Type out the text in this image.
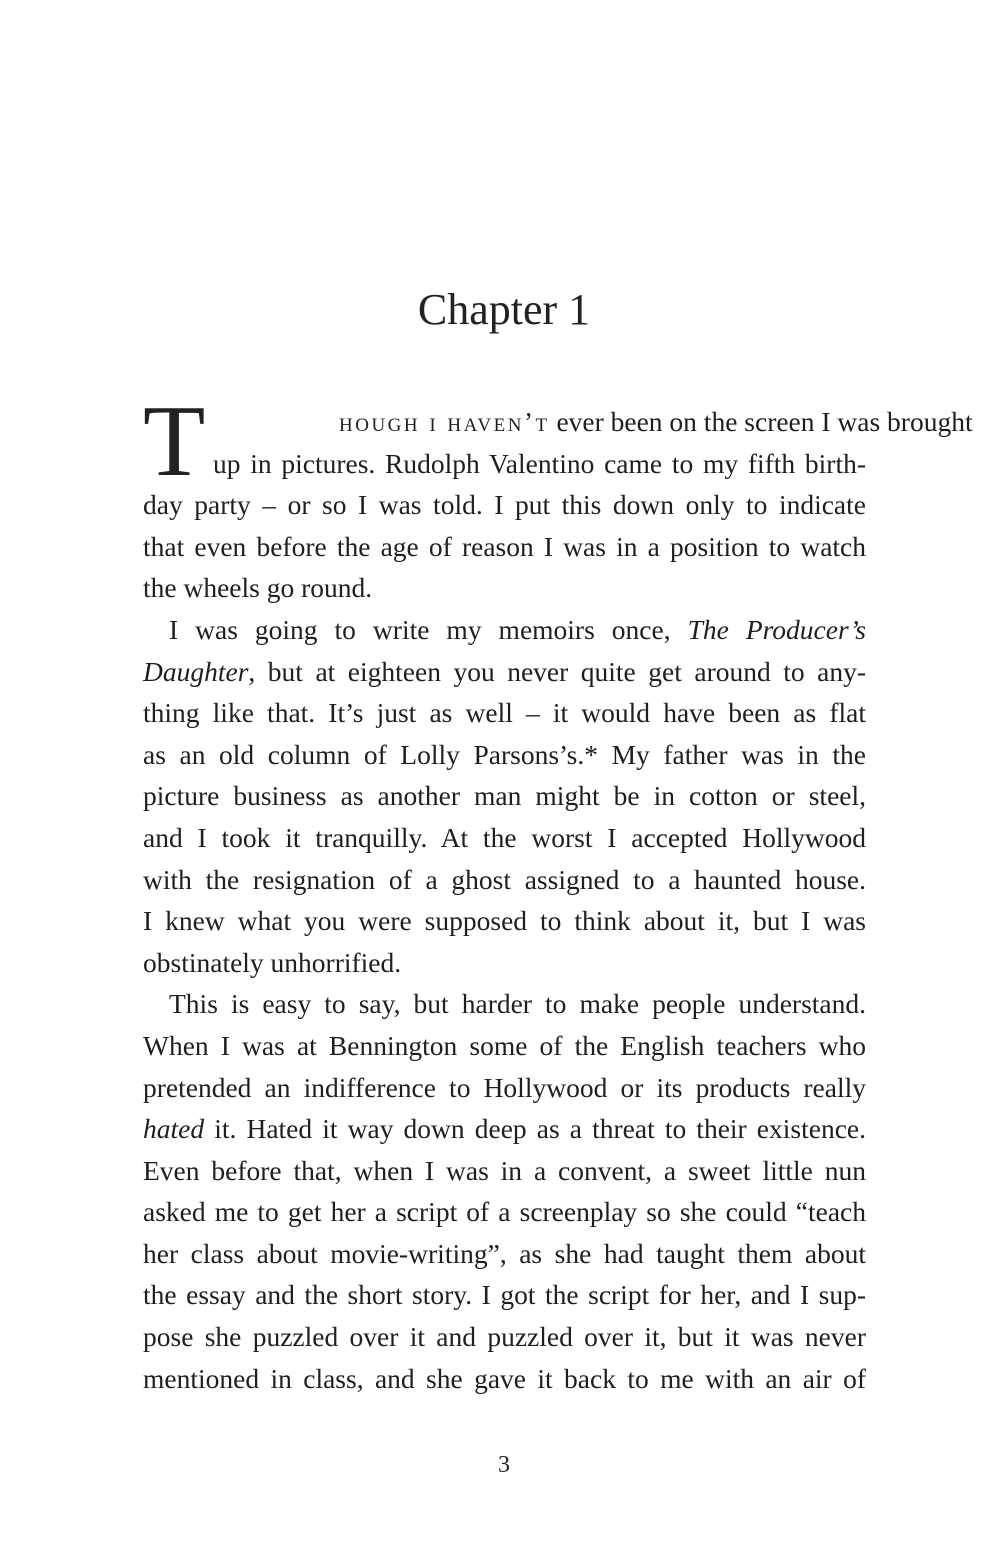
Chapter 1
T	hough i haven’t ever been on the screen I was brought
up in pictures. Rudolph Valentino came to my fifth birth-
day party – or so I was told. I put this down only to indicate
that even before the age of reason I was in a position to watch
the wheels go round.
I was going to write my memoirs once, The Producer’s
Daughter, but at eighteen you never quite get around to any-
thing like that. It’s just as well – it would have been as flat
as an old column of Lolly Parsons’s.* My father was in the
picture business as another man might be in cotton or steel,
and I took it tranquilly. At the worst I accepted Hollywood
with the resignation of a ghost assigned to a haunted house.
I knew what you were supposed to think about it, but I was
obstinately unhorrified.
This is easy to say, but harder to make people understand.
When I was at Bennington some of the English teachers who
pretended an indifference to Hollywood or its products really
hated it. Hated it way down deep as a threat to their existence.
Even before that, when I was in a convent, a sweet little nun
asked me to get her a script of a screenplay so she could “teach
her class about movie-writing”, as she had taught them about
the essay and the short story. I got the script for her, and I sup-
pose she puzzled over it and puzzled over it, but it was never
mentioned in class, and she gave it back to me with an air of
3
